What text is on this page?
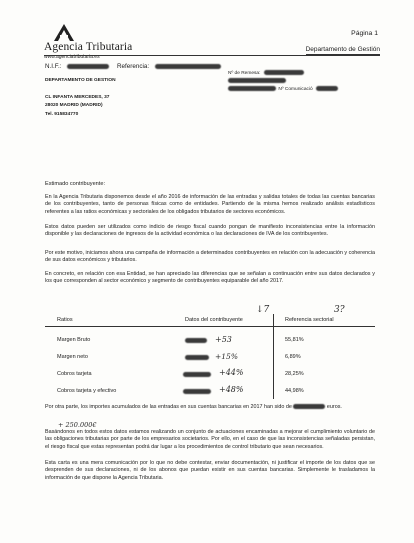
Agencia Tributaria
www.agenciatributaria.es
Página 1
Departamento de Gestión
N.I.F.:	Referencia:
DEPARTAMENTO DE GESTION
CL INFANTA MERCEDES, 37
28020 MADRID (MADRID)
Tel. 915834770
Nº de Remesa:
Nº Comunicació
Estimado contribuyente:
En la Agencia Tributaria disponemos desde el año 2016 de información de las entradas y salidas totales de todas las cuentas bancarias de los contribuyentes, tanto de personas físicas como de entidades. Partiendo de la misma hemos realizado análisis estadísticos referentes a las ratios económicas y sectoriales de los obligados tributarios de sectores económicos.
Estos datos pueden ser utilizados como indicio de riesgo fiscal cuando pongan de manifiesto inconsistencias entre la información disponible y las declaraciones de ingresos de la actividad económica o las declaraciones de IVA de los contribuyentes.
Por este motivo, iniciamos ahora una campaña de información a determinados contribuyentes en relación con la adecuación y coherencia de sus datos económicos y tributarios.
En concreto, en relación con esa Entidad, se han apreciado las diferencias que se señalan a continuación entre sus datos declarados y los que corresponden al sector económico y segmento de contribuyentes equiparable del año 2017.
Ratios	Datos del contribuyente	Referencia sectorial
Margen Bruto	+53	55,81%
Margen neto	+15%	6,89%
Cobros tarjeta	+44%	28,25%
Cobros tarjeta y efectivo	+48%	44,98%
↓7	3?
Por otra parte, los importes acumulados de las entradas en sus cuentas bancarias en 2017 han sido de	euros.
+ 250.000€
Basándonos en todos estos datos estamos realizando un conjunto de actuaciones encaminadas a mejorar el cumplimiento voluntario de las obligaciones tributarias por parte de los empresarios societarios. Por ello, en el caso de que las inconsistencias señaladas persistan, el riesgo fiscal que estas representan podrá dar lugar a los procedimientos de control tributario que sean necesarios.
Esta carta es una mera comunicación por lo que no debe contestar, enviar documentación, ni justificar el importe de los datos que se desprenden de sus declaraciones, ni de los abonos que puedan existir en sus cuentas bancarias. Simplemente le trasladamos la información de que dispone la Agencia Tributaria.
